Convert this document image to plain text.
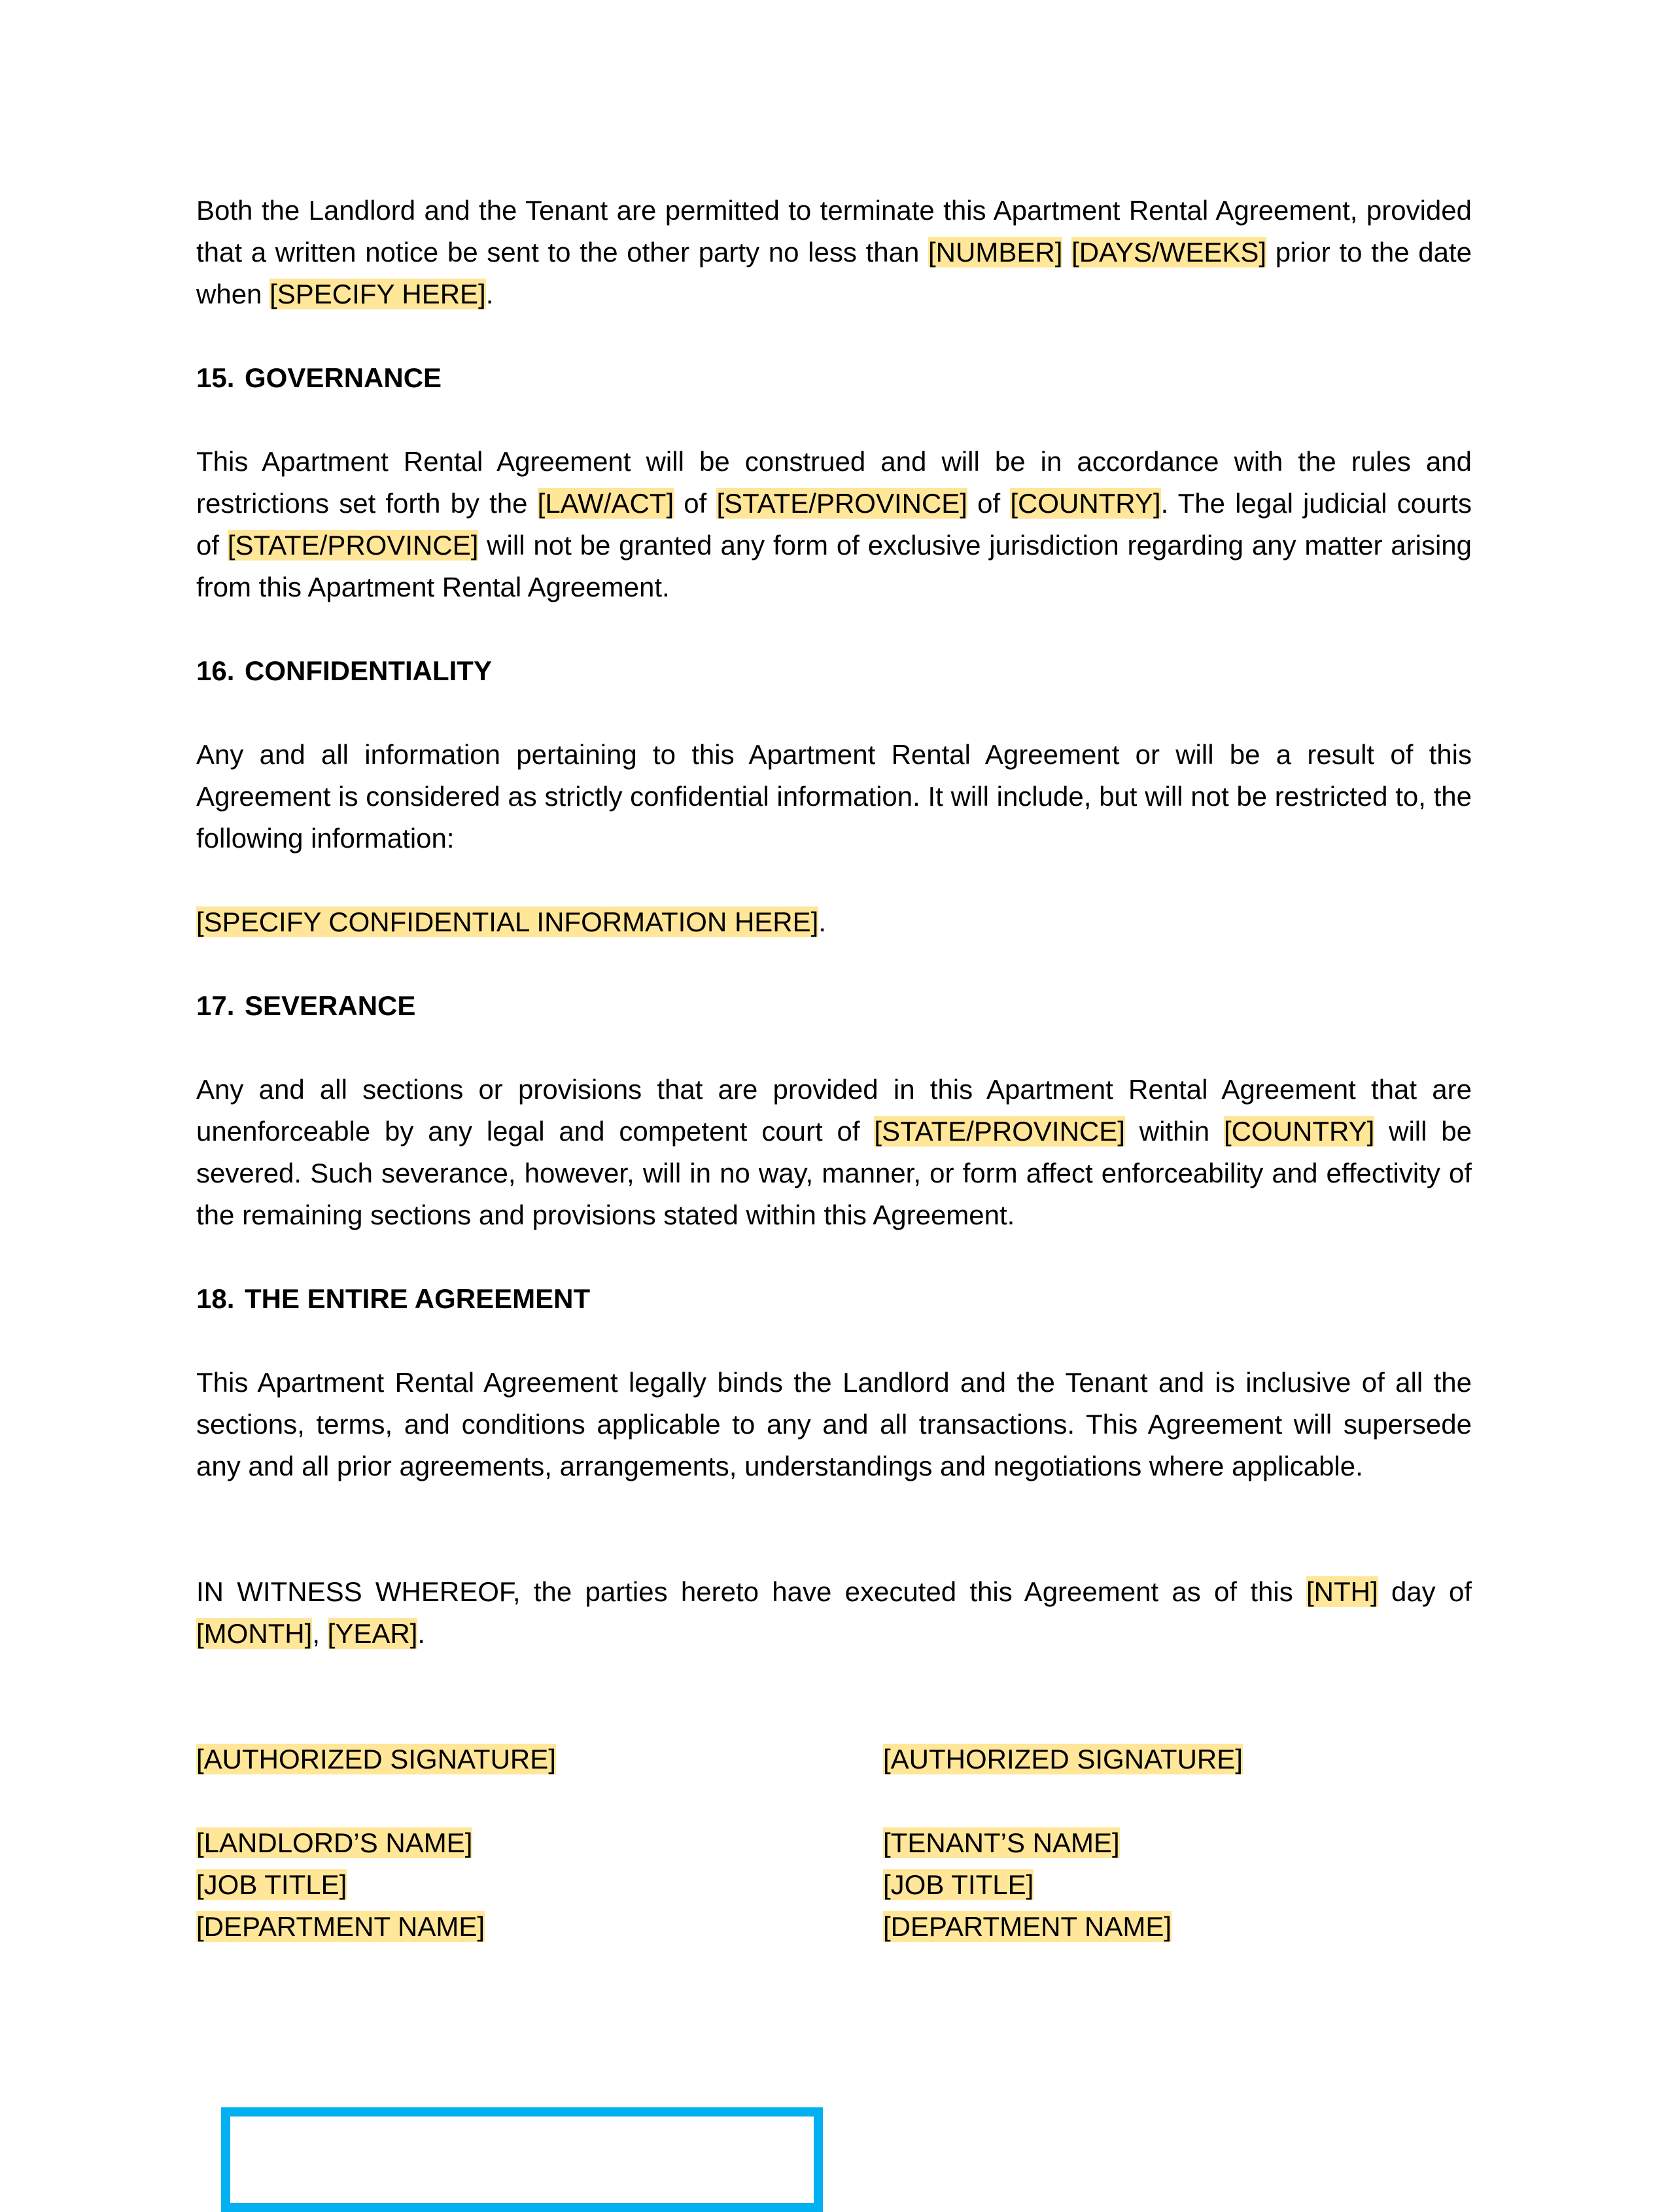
Both the Landlord and the Tenant are permitted to terminate this Apartment Rental Agreement, provided that a written notice be sent to the other party no less than [NUMBER] [DAYS/WEEKS] prior to the date when [SPECIFY HERE].

15. GOVERNANCE

This Apartment Rental Agreement will be construed and will be in accordance with the rules and restrictions set forth by the [LAW/ACT] of [STATE/PROVINCE] of [COUNTRY]. The legal judicial courts of [STATE/PROVINCE] will not be granted any form of exclusive jurisdiction regarding any matter arising from this Apartment Rental Agreement.

16. CONFIDENTIALITY

Any and all information pertaining to this Apartment Rental Agreement or will be a result of this Agreement is considered as strictly confidential information. It will include, but will not be restricted to, the following information:

[SPECIFY CONFIDENTIAL INFORMATION HERE].

17. SEVERANCE

Any and all sections or provisions that are provided in this Apartment Rental Agreement that are unenforceable by any legal and competent court of [STATE/PROVINCE] within [COUNTRY] will be severed. Such severance, however, will in no way, manner, or form affect enforceability and effectivity of the remaining sections and provisions stated within this Agreement.

18. THE ENTIRE AGREEMENT

This Apartment Rental Agreement legally binds the Landlord and the Tenant and is inclusive of all the sections, terms, and conditions applicable to any and all transactions. This Agreement will supersede any and all prior agreements, arrangements, understandings and negotiations where applicable.

IN WITNESS WHEREOF, the parties hereto have executed this Agreement as of this [NTH] day of [MONTH], [YEAR].

[AUTHORIZED SIGNATURE]
[LANDLORD’S NAME]
[JOB TITLE]
[DEPARTMENT NAME]
[AUTHORIZED SIGNATURE]
[TENANT’S NAME]
[JOB TITLE]
[DEPARTMENT NAME]
